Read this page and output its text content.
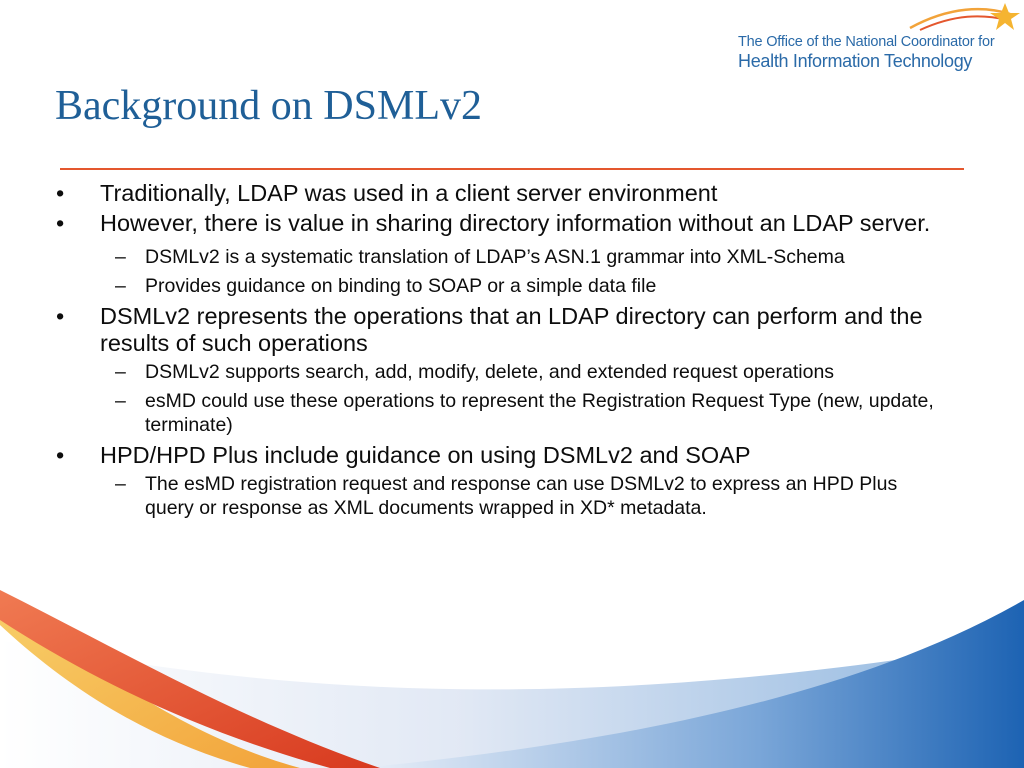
The Office of the National Coordinator for
Health Information Technology
Background on DSMLv2
• Traditionally, LDAP was used in a client server environment
• However, there is value in sharing directory information without an LDAP server.
– DSMLv2 is a systematic translation of LDAP’s ASN.1 grammar into XML-Schema
– Provides guidance on binding to SOAP or a simple data file
• DSMLv2 represents the operations that an LDAP directory can perform and the results of such operations
– DSMLv2 supports search, add, modify, delete, and extended request operations
– esMD could use these operations to represent the Registration Request Type (new, update, terminate)
• HPD/HPD Plus include guidance on using DSMLv2 and SOAP
– The esMD registration request and response can use DSMLv2 to express an HPD Plus query or response as XML documents wrapped in XD* metadata.
